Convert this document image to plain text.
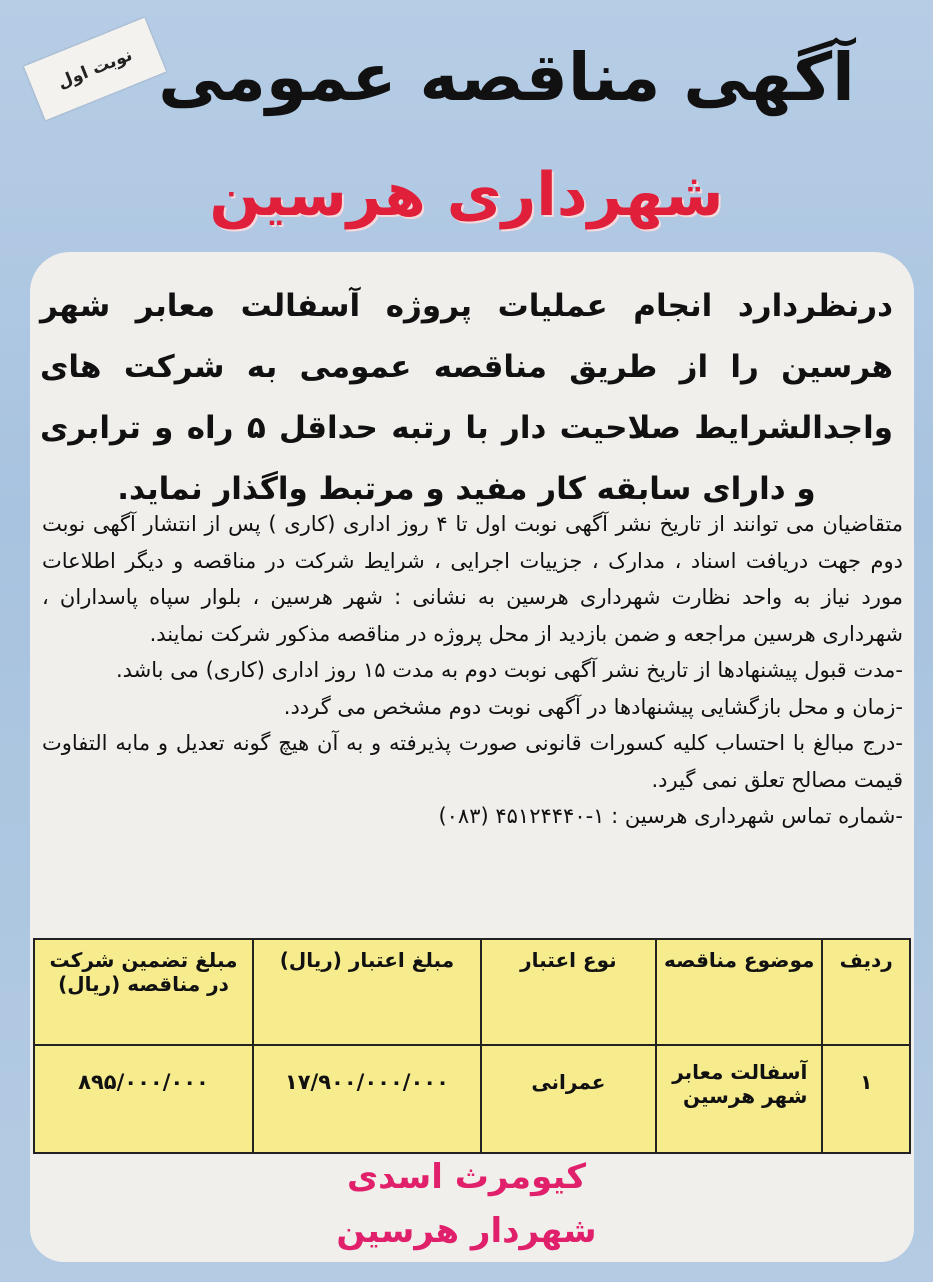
نوبت اول آگهی مناقصه عمومی
شهرداری هرسین
درنظردارد انجام عملیات پروژه آسفالت معابر شهر هرسین را از طریق مناقصه عمومی به شرکت های واجدالشرایط صلاحیت دار با رتبه حداقل ۵ راه و ترابری و دارای سابقه کار مفید و مرتبط واگذار نماید.

متقاضیان می توانند از تاریخ نشر آگهی نوبت اول تا ۴ روز اداری (کاری ) پس از انتشار آگهی نوبت دوم جهت دریافت اسناد ، مدارک ، جزییات اجرایی ، شرایط شرکت در مناقصه و دیگر اطلاعات مورد نیاز به واحد نظارت شهرداری هرسین به نشانی : شهر هرسین ، بلوار سپاه پاسداران ، شهرداری هرسین مراجعه و ضمن بازدید از محل پروژه در مناقصه مذکور شرکت نمایند.

-مدت قبول پیشنهادها از تاریخ نشر آگهی نوبت دوم به مدت ۱۵ روز اداری (کاری) می باشد.

-زمان و محل بازگشایی پیشنهادها در آگهی نوبت دوم مشخص می گردد.

-درج مبالغ با احتساب کلیه کسورات قانونی صورت پذیرفته و به آن هیچ گونه تعدیل و مابه التفاوت قیمت مصالح تعلق نمی گیرد.

-شماره تماس شهرداری هرسین : ۱-۴۵۱۲۴۴۴۰ (۰۸۳)

ردیف	موضوع مناقصه	نوع اعتبار	مبلغ اعتبار (ریال)	مبلغ تضمین شرکت در مناقصه (ریال)
۱	آسفالت معابر شهر هرسین	عمرانی	۱۷/۹۰۰/۰۰۰/۰۰۰	۸۹۵/۰۰۰/۰۰۰
کیومرث اسدی
شهردار هرسین
